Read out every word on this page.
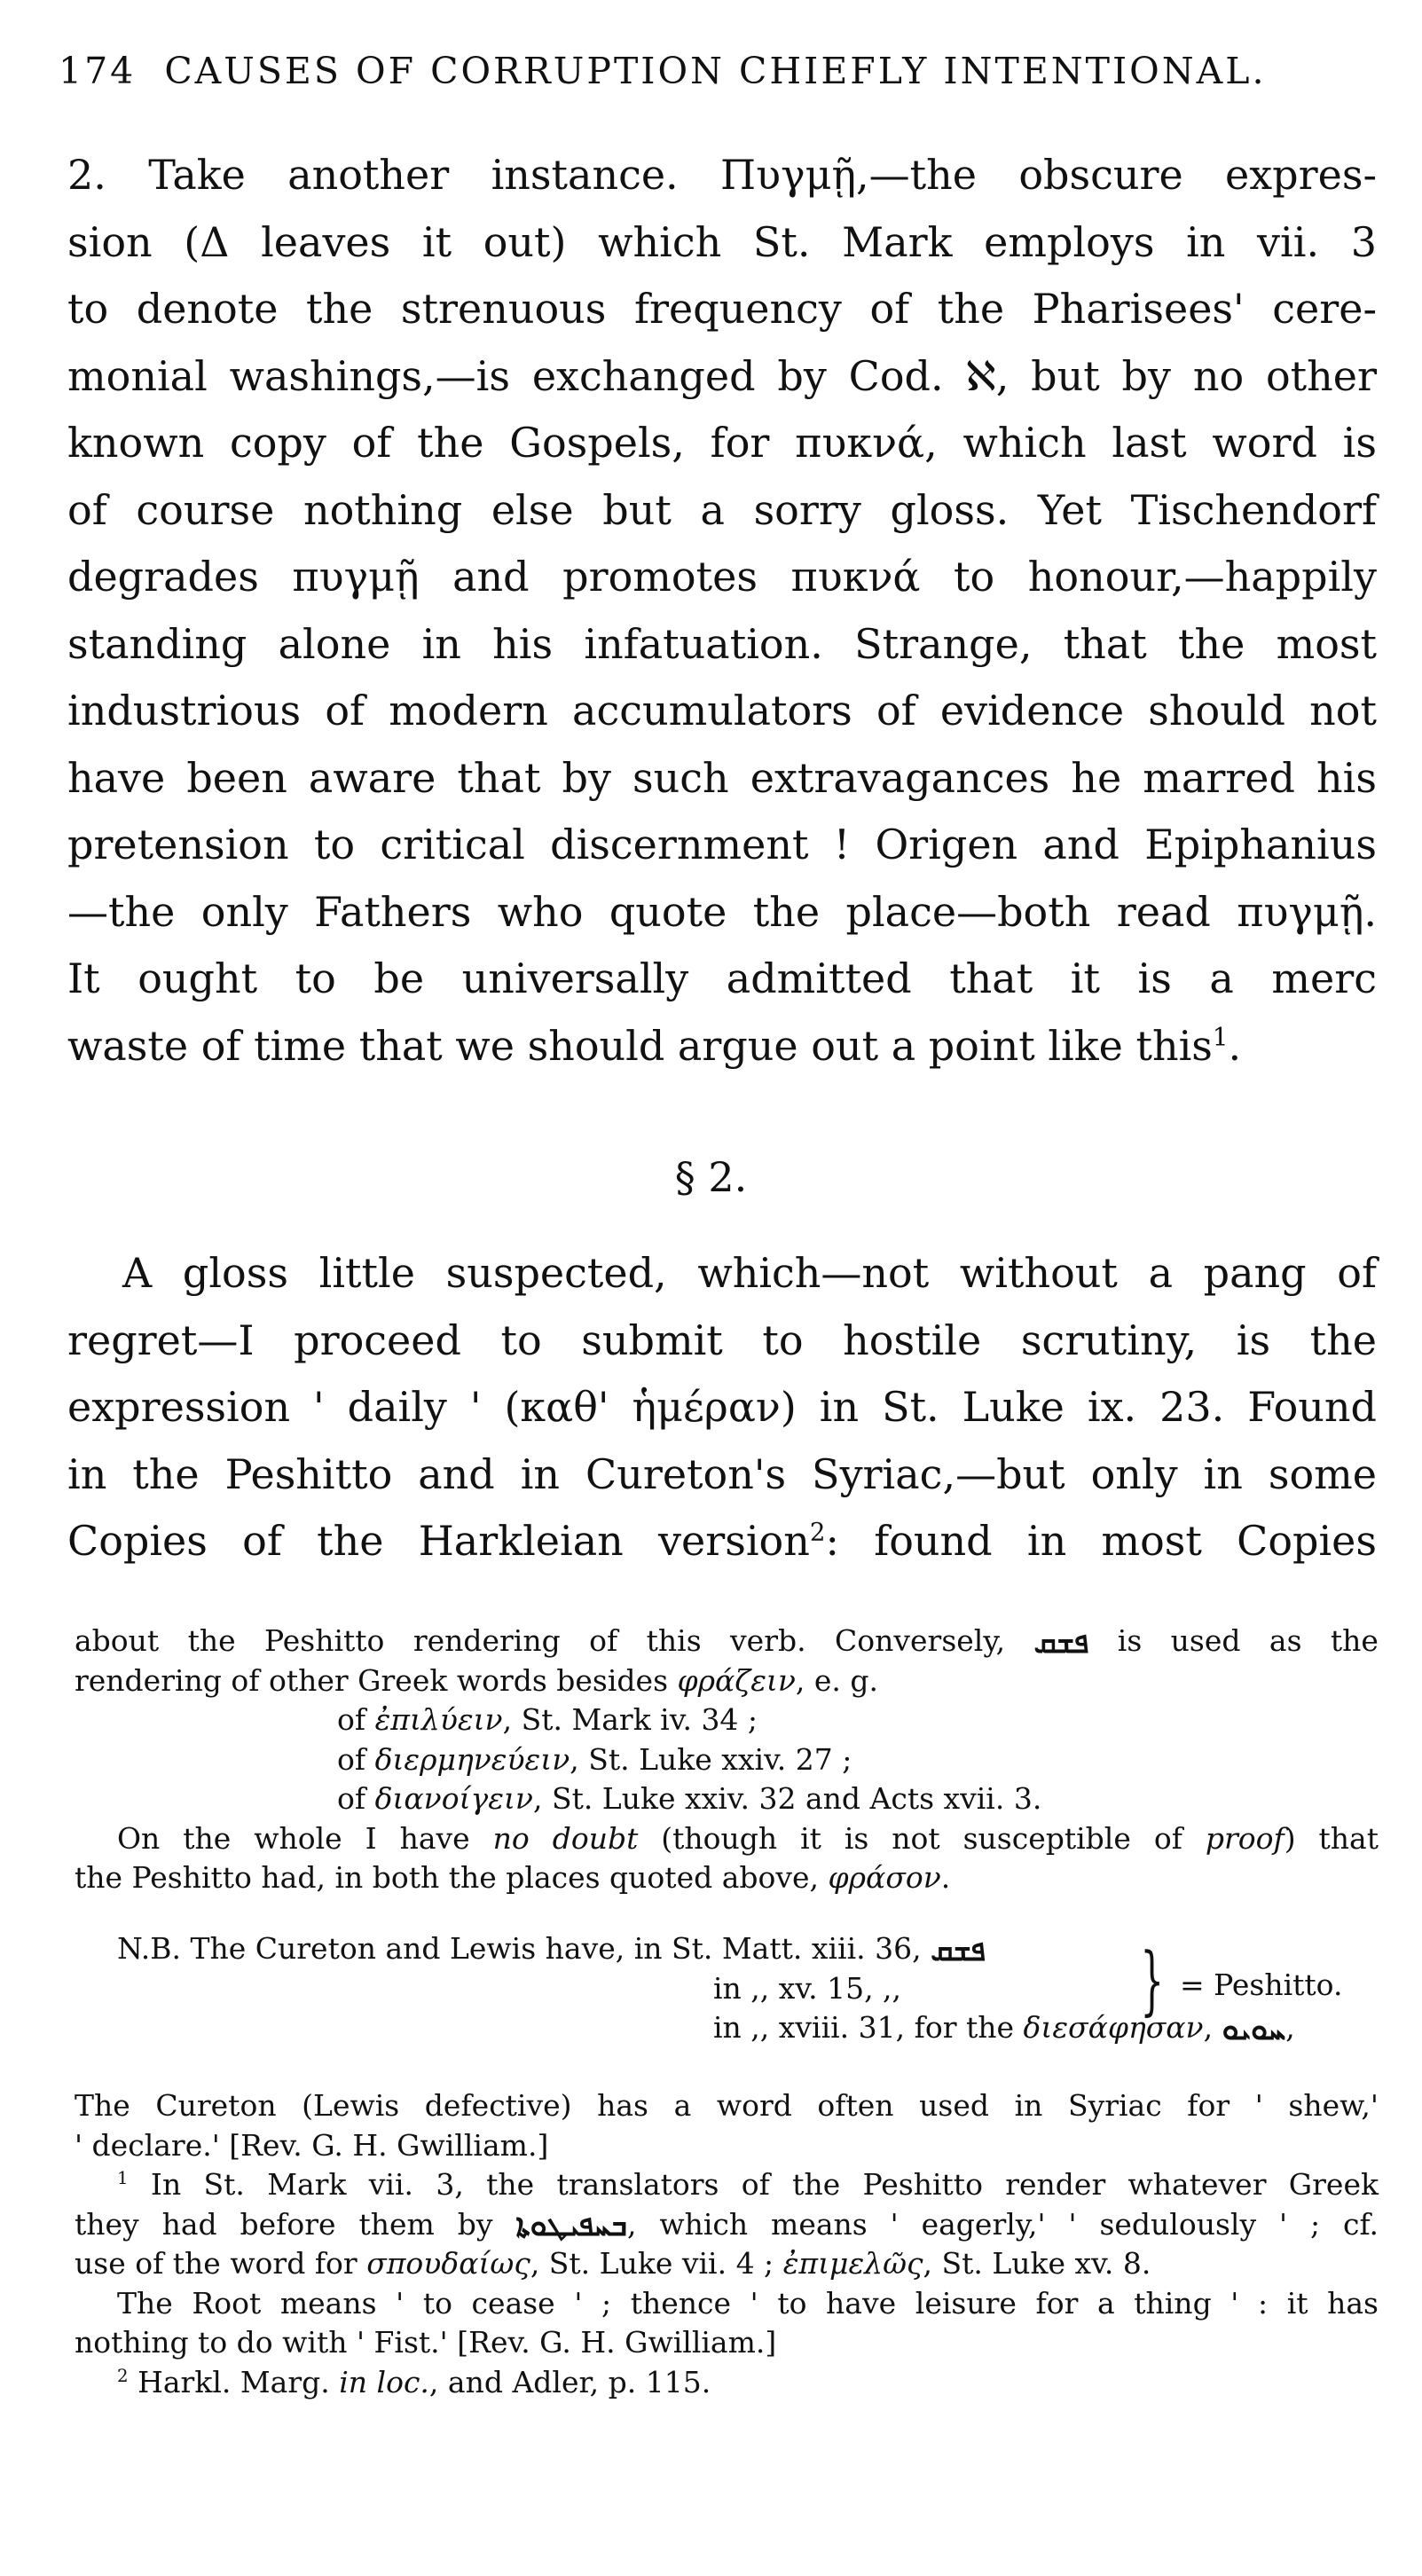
174 CAUSES OF CORRUPTION CHIEFLY INTENTIONAL.
2. Take another instance. Πυγμῇ,—the obscure expres-
sion (Δ leaves it out) which St. Mark employs in vii. 3
to denote the strenuous frequency of the Pharisees' cere-
monial washings,—is exchanged by Cod. ℵ, but by no other
known copy of the Gospels, for πυκνά, which last word is
of course nothing else but a sorry gloss. Yet Tischendorf
degrades πυγμῇ and promotes πυκνά to honour,—happily
standing alone in his infatuation. Strange, that the most
industrious of modern accumulators of evidence should not
have been aware that by such extravagances he marred his
pretension to critical discernment ! Origen and Epiphanius
—the only Fathers who quote the place—both read πυγμῇ.
It ought to be universally admitted that it is a merc
waste of time that we should argue out a point like this$^1$.
§ 2.
A gloss little suspected, which—not without a pang of
regret—I proceed to submit to hostile scrutiny, is the
expression ' daily ' (καθ' ἡμέραν) in St. Luke ix. 23. Found
in the Peshitto and in Cureton's Syriac,—but only in some
Copies of the Harkleian version$^2$: found in most Copies
about the Peshitto rendering of this verb. Conversely, ܦܫܩ is used as the
rendering of other Greek words besides φράζειν, e. g.
of ἐπιλύειν, St. Mark iv. 34 ;
of διερμηνεύειν, St. Luke xxiv. 27 ;
of διανοίγειν, St. Luke xxiv. 32 and Acts xvii. 3.
On the whole I have no doubt (though it is not susceptible of proof) that
the Peshitto had, in both the places quoted above, φράσον.
N.B. The Cureton and Lewis have, in St. Matt. xiii. 36, ܦܫܩ
in ,, xv. 15, ,,
in ,, xviii. 31, for the διεσάφησαν, ܚܘܝܘ,
} = Peshitto.
The Cureton (Lewis defective) has a word often used in Syriac for ' shew,'
' declare.' [Rev. G. H. Gwilliam.]
$^1$ In St. Mark vii. 3, the translators of the Peshitto render whatever Greek
they had before them by ܒܚܦܝܛܘܬܐ, which means ' eagerly,' ' sedulously ' ; cf.
use of the word for σπουδαίως, St. Luke vii. 4 ; ἐπιμελῶς, St. Luke xv. 8.
The Root means ' to cease ' ; thence ' to have leisure for a thing ' : it has
nothing to do with ' Fist.' [Rev. G. H. Gwilliam.]
$^2$ Harkl. Marg. in loc., and Adler, p. 115.
